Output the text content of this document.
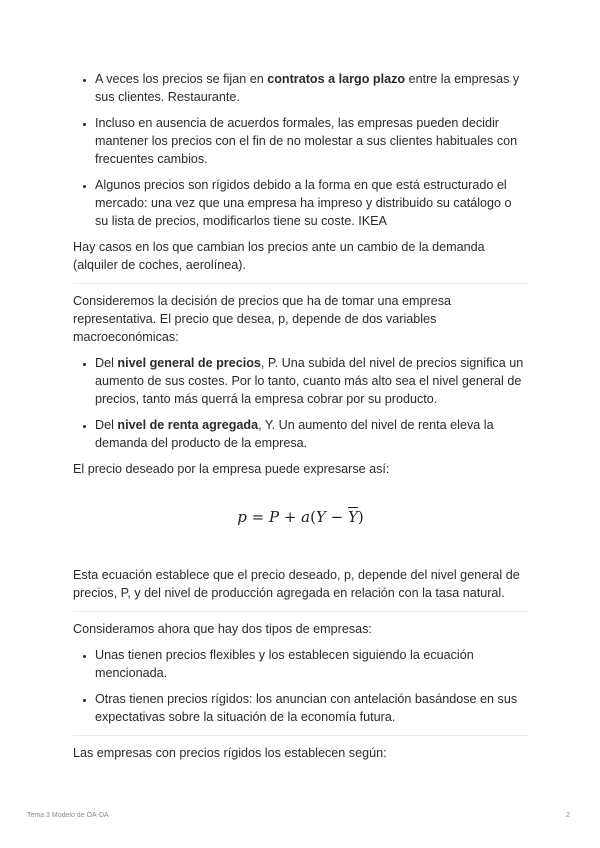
• A veces los precios se fijan en contratos a largo plazo entre la empresas y sus clientes. Restaurante.
• Incluso en ausencia de acuerdos formales, las empresas pueden decidir mantener los precios con el fin de no molestar a sus clientes habituales con frecuentes cambios.
• Algunos precios son rígidos debido a la forma en que está estructurado el mercado: una vez que una empresa ha impreso y distribuido su catálogo o su lista de precios, modificarlos tiene su coste. IKEA

Hay casos en los que cambian los precios ante un cambio de la demanda (alquiler de coches, aerolínea).

Consideremos la decisión de precios que ha de tomar una empresa representativa. El precio que desea, p, depende de dos variables macroeconómicas:

• Del nivel general de precios, P. Una subida del nivel de precios significa un aumento de sus costes. Por lo tanto, cuanto más alto sea el nivel general de precios, tanto más querrá la empresa cobrar por su producto.
• Del nivel de renta agregada, Y. Un aumento del nivel de renta eleva la demanda del producto de la empresa.

El precio deseado por la empresa puede expresarse así:

$p = P + a(Y - \overline{Y})$

Esta ecuación establece que el precio deseado, p, depende del nivel general de precios, P, y del nivel de producción agregada en relación con la tasa natural.

Consideramos ahora que hay dos tipos de empresas:

• Unas tienen precios flexibles y los establecen siguiendo la ecuación mencionada.
• Otras tienen precios rígidos: los anuncian con antelación basándose en sus expectativas sobre la situación de la economía futura.

Las empresas con precios rígidos los establecen según:

Tema 3 Modelo de OA-DA	2
